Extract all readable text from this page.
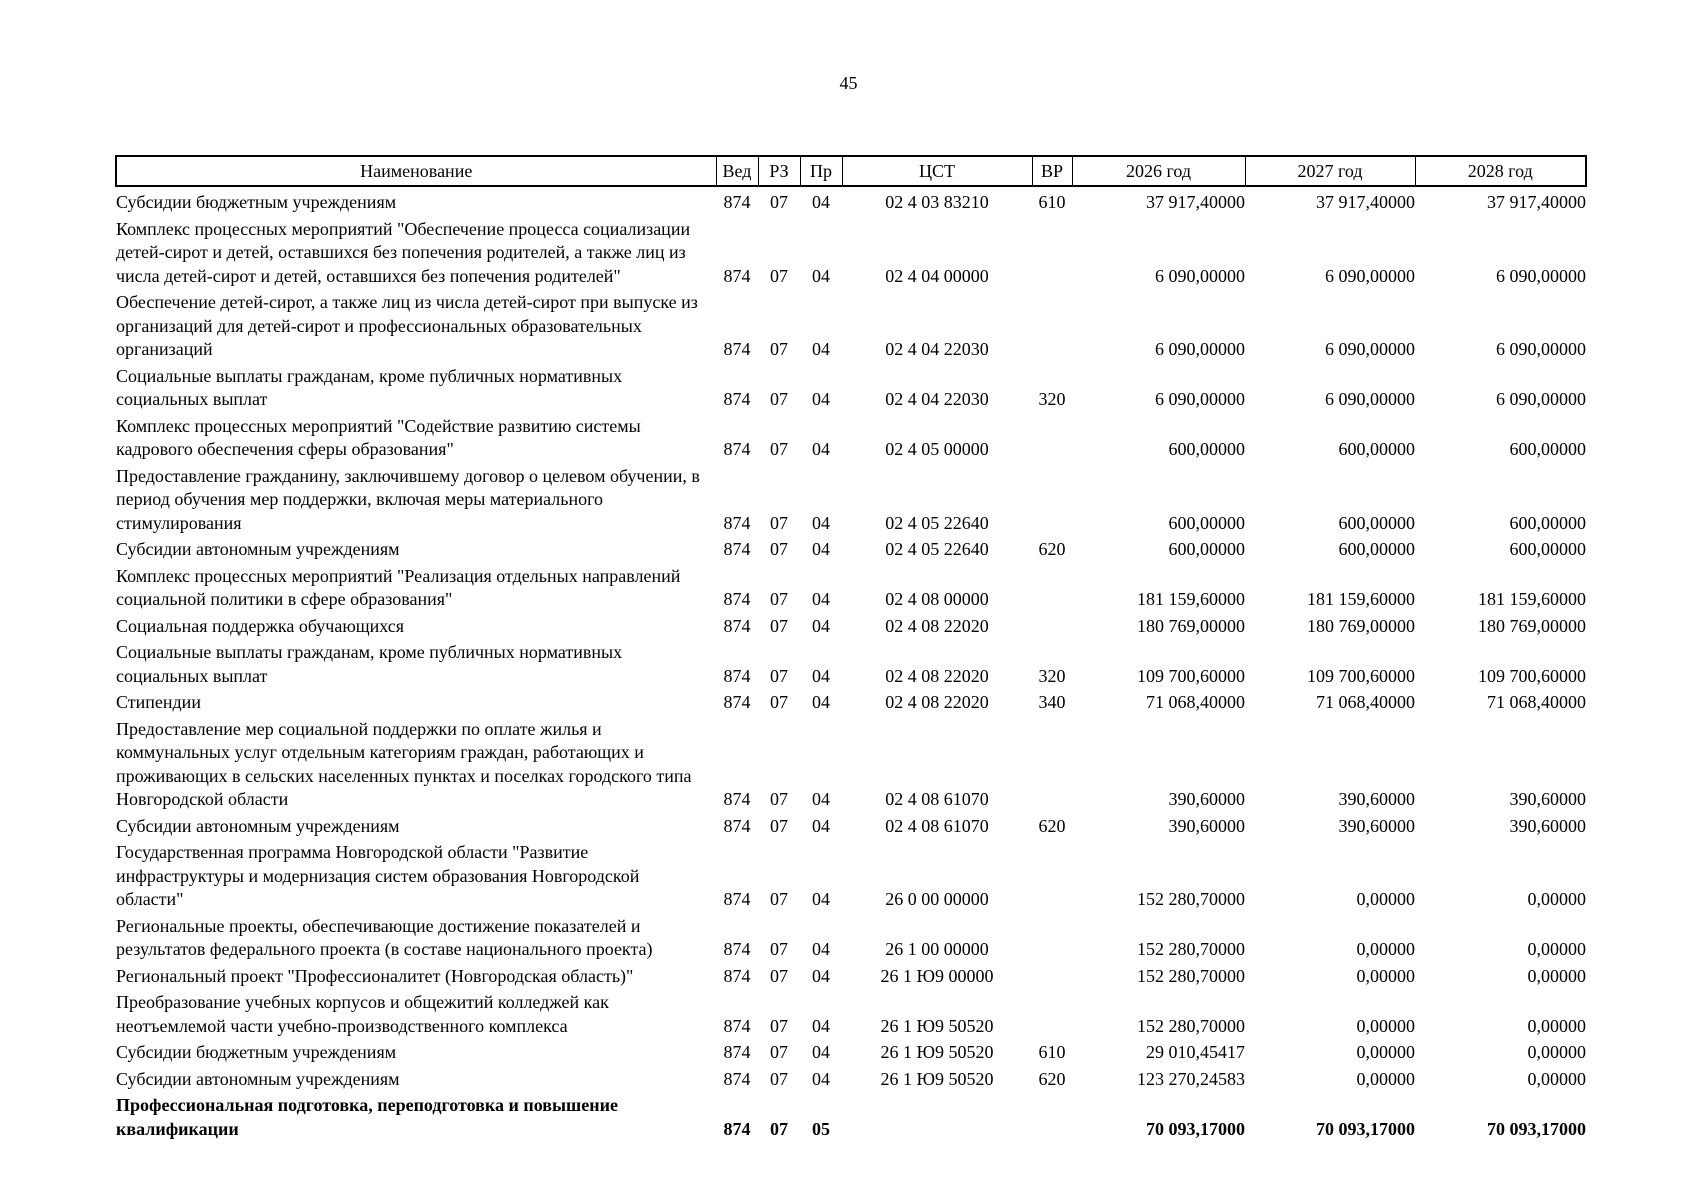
45
Наименование	Вед	РЗ	Пр	ЦСТ	ВР	2026 год	2027 год	2028 год
Субсидии бюджетным учреждениям	874	07	04	02 4 03 83210	610	37 917,40000	37 917,40000	37 917,40000
Комплекс процессных мероприятий "Обеспечение процесса социализации детей-сирот и детей, оставшихся без попечения родителей, а также лиц из числа детей-сирот и детей, оставшихся без попечения родителей"	874	07	04	02 4 04 00000		6 090,00000	6 090,00000	6 090,00000
Обеспечение детей-сирот, а также лиц из числа детей-сирот при выпуске из организаций для детей-сирот и профессиональных образовательных организаций	874	07	04	02 4 04 22030		6 090,00000	6 090,00000	6 090,00000
Социальные выплаты гражданам, кроме публичных нормативных социальных выплат	874	07	04	02 4 04 22030	320	6 090,00000	6 090,00000	6 090,00000
Комплекс процессных мероприятий "Содействие развитию системы кадрового обеспечения сферы образования"	874	07	04	02 4 05 00000		600,00000	600,00000	600,00000
Предоставление гражданину, заключившему договор о целевом обучении, в период обучения мер поддержки, включая меры материального стимулирования	874	07	04	02 4 05 22640		600,00000	600,00000	600,00000
Субсидии автономным учреждениям	874	07	04	02 4 05 22640	620	600,00000	600,00000	600,00000
Комплекс процессных мероприятий "Реализация отдельных направлений социальной политики в сфере образования"	874	07	04	02 4 08 00000		181 159,60000	181 159,60000	181 159,60000
Социальная поддержка обучающихся	874	07	04	02 4 08 22020		180 769,00000	180 769,00000	180 769,00000
Социальные выплаты гражданам, кроме публичных нормативных социальных выплат	874	07	04	02 4 08 22020	320	109 700,60000	109 700,60000	109 700,60000
Стипендии	874	07	04	02 4 08 22020	340	71 068,40000	71 068,40000	71 068,40000
Предоставление мер социальной поддержки по оплате жилья и коммунальных услуг отдельным категориям граждан, работающих и проживающих в сельских населенных пунктах и поселках городского типа Новгородской области	874	07	04	02 4 08 61070		390,60000	390,60000	390,60000
Субсидии автономным учреждениям	874	07	04	02 4 08 61070	620	390,60000	390,60000	390,60000
Государственная программа Новгородской области "Развитие инфраструктуры и модернизация систем образования Новгородской области"	874	07	04	26 0 00 00000		152 280,70000	0,00000	0,00000
Региональные проекты, обеспечивающие достижение показателей и результатов федерального проекта (в составе национального проекта)	874	07	04	26 1 00 00000		152 280,70000	0,00000	0,00000
Региональный проект "Профессионалитет (Новгородская область)"	874	07	04	26 1 Ю9 00000		152 280,70000	0,00000	0,00000
Преобразование учебных корпусов и общежитий колледжей как неотъемлемой части учебно-производственного комплекса	874	07	04	26 1 Ю9 50520		152 280,70000	0,00000	0,00000
Субсидии бюджетным учреждениям	874	07	04	26 1 Ю9 50520	610	29 010,45417	0,00000	0,00000
Субсидии автономным учреждениям	874	07	04	26 1 Ю9 50520	620	123 270,24583	0,00000	0,00000
Профессиональная подготовка, переподготовка и повышение квалификации	874	07	05			70 093,17000	70 093,17000	70 093,17000
